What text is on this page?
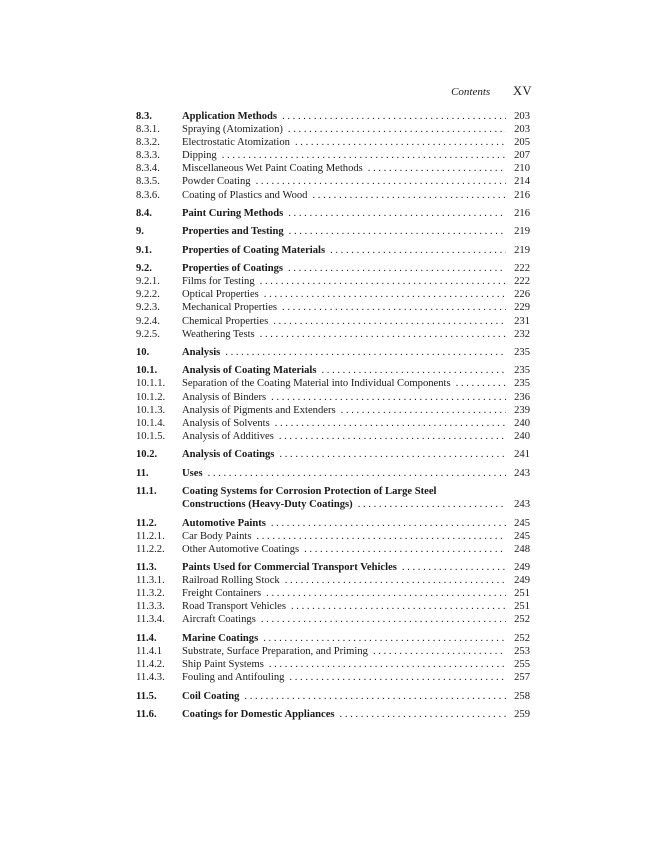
Contents XV
8.3.	Application Methods . . .	203
8.3.1.	Spraying (Atomization) . . .	203
8.3.2.	Electrostatic Atomization . . .	205
8.3.3.	Dipping . . .	207
8.3.4.	Miscellaneous Wet Paint Coating Methods . . .	210
8.3.5.	Powder Coating . . .	214
8.3.6.	Coating of Plastics and Wood . . .	216
8.4.	Paint Curing Methods . . .	216
9.	Properties and Testing . . .	219
9.1.	Properties of Coating Materials . . .	219
9.2.	Properties of Coatings . . .	222
9.2.1.	Films for Testing . . .	222
9.2.2.	Optical Properties . . .	226
9.2.3.	Mechanical Properties . . .	229
9.2.4.	Chemical Properties . . .	231
9.2.5.	Weathering Tests . . .	232
10.	Analysis . . .	235
10.1.	Analysis of Coating Materials . . .	235
10.1.1.	Separation of the Coating Material into Individual Components . . .	235
10.1.2.	Analysis of Binders . . .	236
10.1.3.	Analysis of Pigments and Extenders . . .	239
10.1.4.	Analysis of Solvents . . .	240
10.1.5.	Analysis of Additives . . .	240
10.2.	Analysis of Coatings . . .	241
11.	Uses . . .	243
11.1.	Coating Systems for Corrosion Protection of Large Steel
Constructions (Heavy-Duty Coatings) . . .	243
11.2.	Automotive Paints . . .	245
11.2.1.	Car Body Paints . . .	245
11.2.2.	Other Automotive Coatings . . .	248
11.3.	Paints Used for Commercial Transport Vehicles . . .	249
11.3.1.	Railroad Rolling Stock . . .	249
11.3.2.	Freight Containers . . .	251
11.3.3.	Road Transport Vehicles . . .	251
11.3.4.	Aircraft Coatings . . .	252
11.4.	Marine Coatings . . .	252
11.4.1	Substrate, Surface Preparation, and Priming . . .	253
11.4.2.	Ship Paint Systems . . .	255
11.4.3.	Fouling and Antifouling . . .	257
11.5.	Coil Coating . . .	258
11.6.	Coatings for Domestic Appliances . . .	259
